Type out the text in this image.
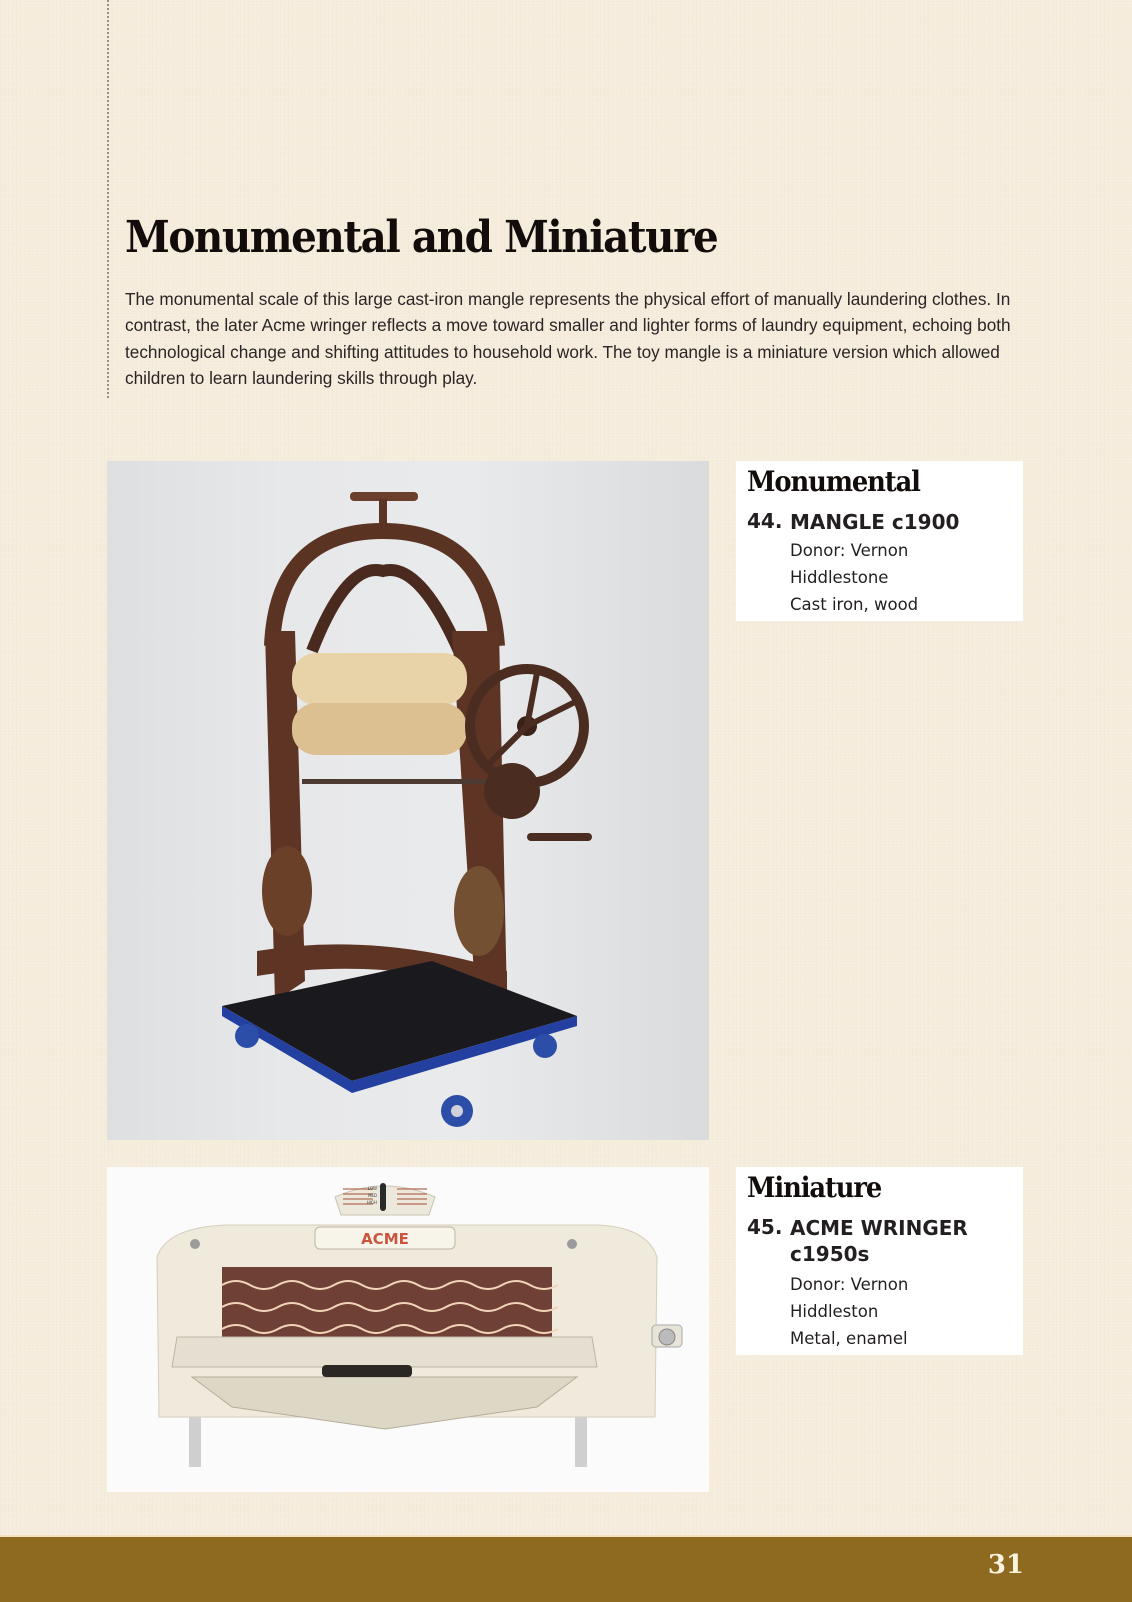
Monumental and Miniature

The monumental scale of this large cast-iron mangle represents the physical effort of manually laundering clothes. In contrast, the later Acme wringer reflects a move toward smaller and lighter forms of laundry equipment, echoing both technological change and shifting attitudes to household work. The toy mangle is a miniature version which allowed children to learn laundering skills through play.

Monumental
44. MANGLE c1900
Donor: Vernon
Hiddlestone
Cast iron, wood
LOW
MED
HIGH
ACME
Miniature
45. ACME WRINGER
c1950s
Donor: Vernon
Hiddleston
Metal, enamel
31
